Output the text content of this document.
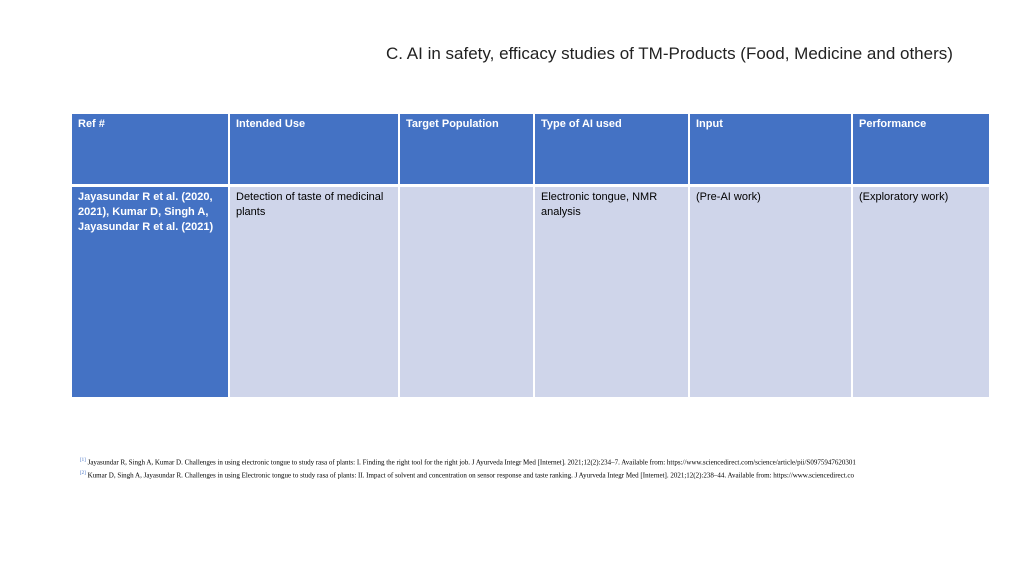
C. AI in safety, efficacy studies of TM-Products (Food, Medicine and others)
Ref #	Intended Use	Target Population	Type of AI used	Input	Performance
Jayasundar R et al. (2020, 2021), Kumar D, Singh A, Jayasundar R et al. (2021)	Detection of taste of medicinal plants		Electronic tongue, NMR analysis	(Pre-AI work)	(Exploratory work)
[1] Jayasundar R, Singh A, Kumar D. Challenges in using electronic tongue to study rasa of plants: I. Finding the right tool for the right job. J Ayurveda Integr Med [Internet]. 2021;12(2):234–7. Available from: https://www.sciencedirect.com/science/article/pii/S0975947620301
[2] Kumar D, Singh A, Jayasundar R. Challenges in using Electronic tongue to study rasa of plants: II. Impact of solvent and concentration on sensor response and taste ranking. J Ayurveda Integr Med [Internet]. 2021;12(2):238–44. Available from: https://www.sciencedirect.co
